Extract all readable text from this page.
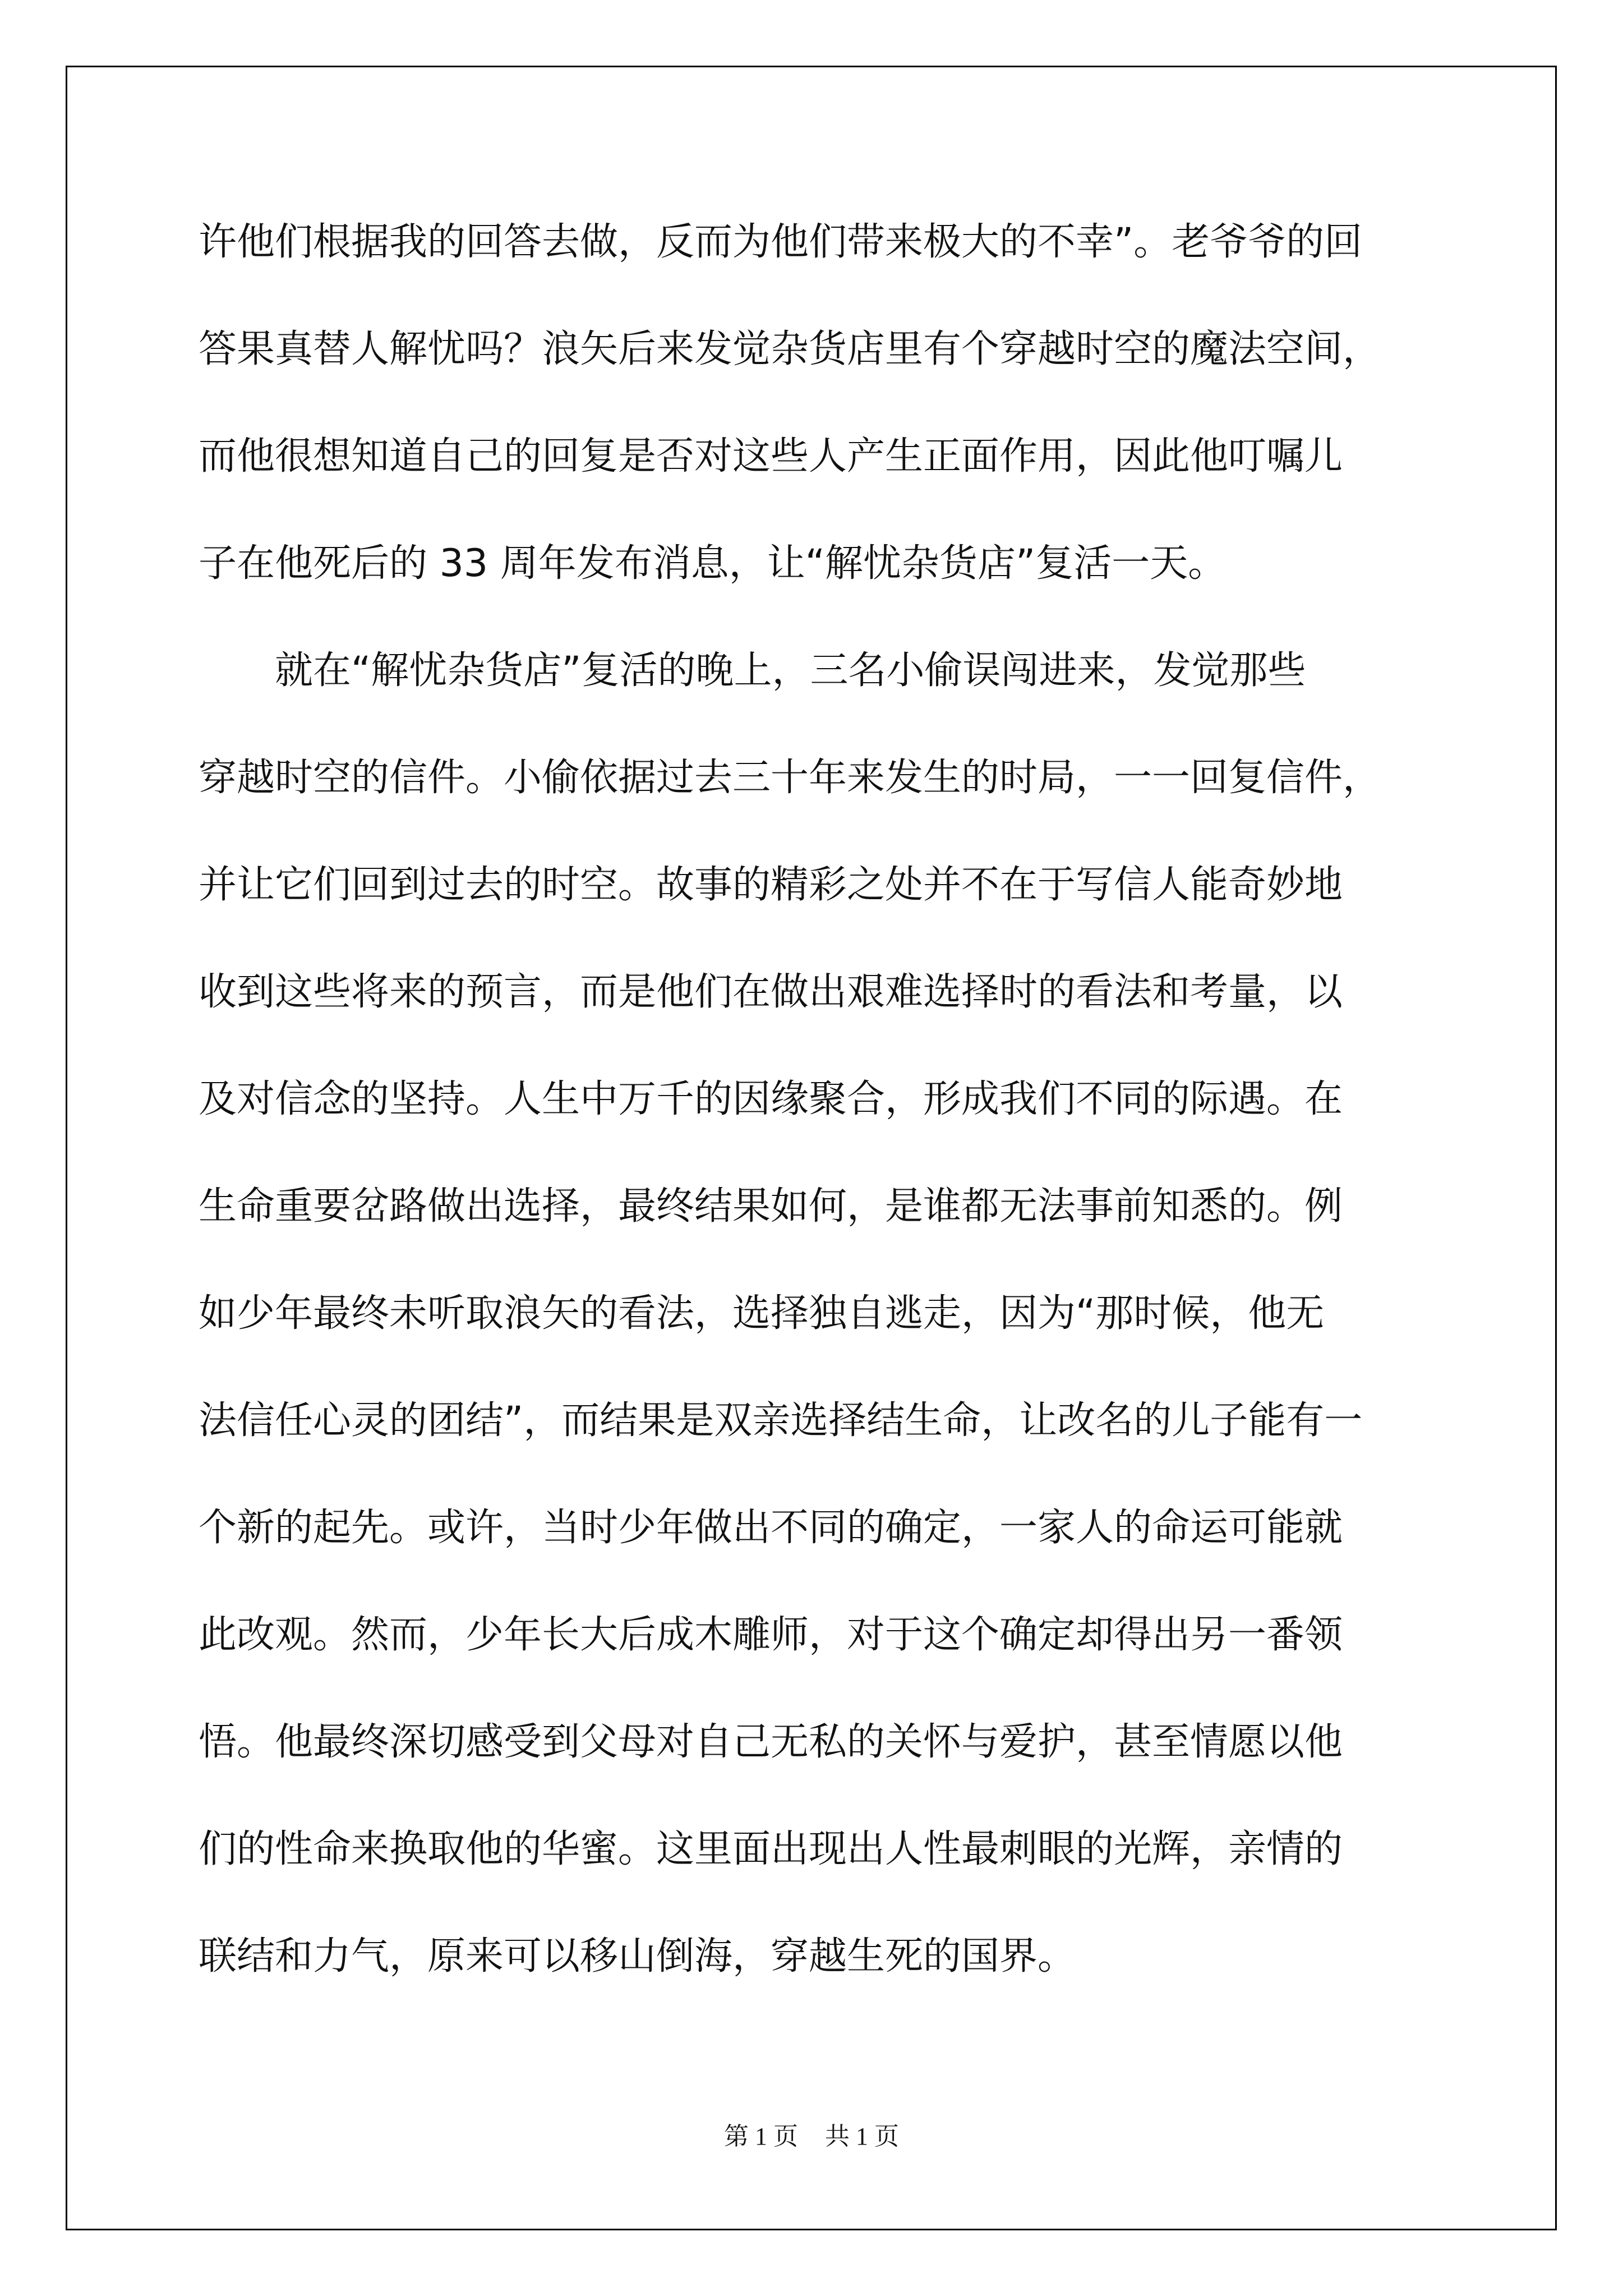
许他们根据我的回答去做，反而为他们带来极大的不幸”。老爷爷的回
答果真替人解忧吗？浪矢后来发觉杂货店里有个穿越时空的魔法空间，
而他很想知道自己的回复是否对这些人产生正面作用，因此他叮嘱儿
子在他死后的 33 周年发布消息，让“解忧杂货店”复活一天。
就在“解忧杂货店”复活的晚上，三名小偷误闯进来，发觉那些
穿越时空的信件。小偷依据过去三十年来发生的时局，一一回复信件，
并让它们回到过去的时空。故事的精彩之处并不在于写信人能奇妙地
收到这些将来的预言，而是他们在做出艰难选择时的看法和考量，以
及对信念的坚持。人生中万千的因缘聚合，形成我们不同的际遇。在
生命重要岔路做出选择，最终结果如何，是谁都无法事前知悉的。例
如少年最终未听取浪矢的看法，选择独自逃走，因为“那时候，他无
法信任心灵的团结”，而结果是双亲选择结生命，让改名的儿子能有一
个新的起先。或许，当时少年做出不同的确定，一家人的命运可能就
此改观。然而，少年长大后成木雕师，对于这个确定却得出另一番领
悟。他最终深切感受到父母对自己无私的关怀与爱护，甚至情愿以他
们的性命来换取他的华蜜。这里面出现出人性最刺眼的光辉，亲情的
联结和力气，原来可以移山倒海，穿越生死的国界。
第 1 页 共 1 页
